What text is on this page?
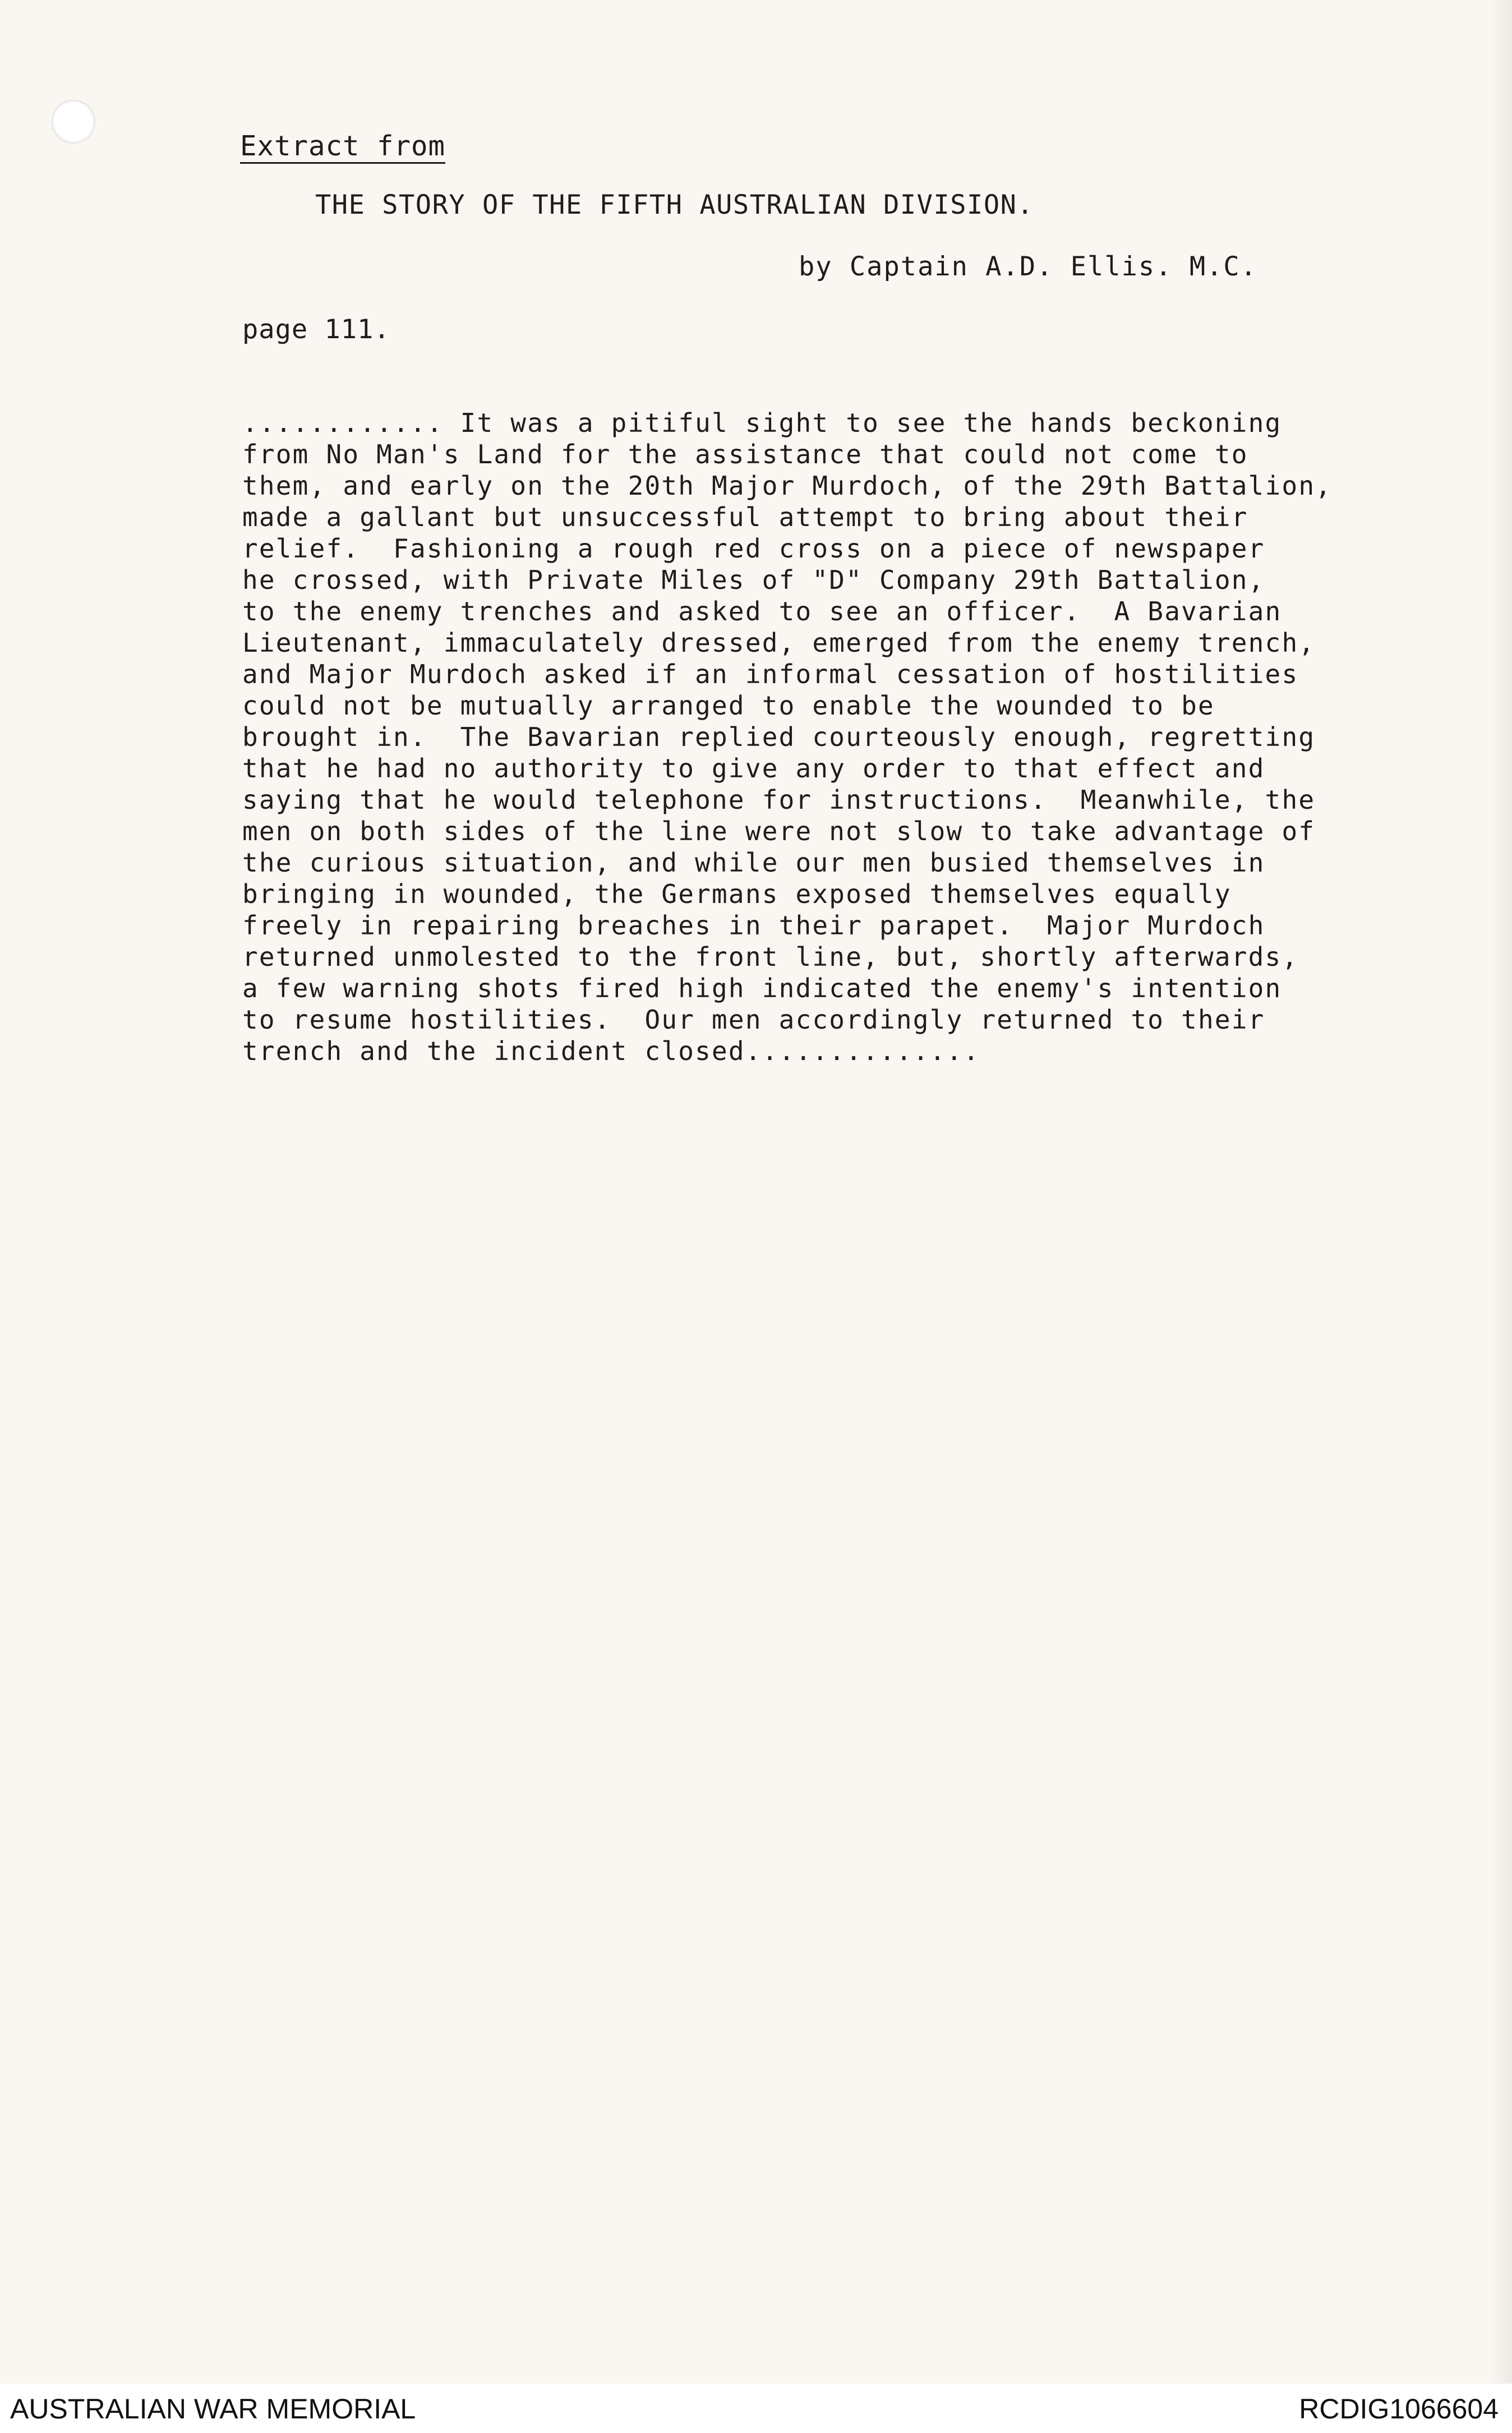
Extract from

THE STORY OF THE FIFTH AUSTRALIAN DIVISION.

by Captain A.D. Ellis. M.C.

page 111.

............ It was a pitiful sight to see the hands beckoning

from No Man's Land for the assistance that could not come to

them, and early on the 20th Major Murdoch, of the 29th Battalion,

made a gallant but unsuccessful attempt to bring about their

relief.  Fashioning a rough red cross on a piece of newspaper

he crossed, with Private Miles of "D" Company 29th Battalion,

to the enemy trenches and asked to see an officer.  A Bavarian

Lieutenant, immaculately dressed, emerged from the enemy trench,

and Major Murdoch asked if an informal cessation of hostilities

could not be mutually arranged to enable the wounded to be

brought in.  The Bavarian replied courteously enough, regretting

that he had no authority to give any order to that effect and

saying that he would telephone for instructions.  Meanwhile, the

men on both sides of the line were not slow to take advantage of

the curious situation, and while our men busied themselves in

bringing in wounded, the Germans exposed themselves equally

freely in repairing breaches in their parapet.  Major Murdoch

returned unmolested to the front line, but, shortly afterwards,

a few warning shots fired high indicated the enemy's intention

to resume hostilities.  Our men accordingly returned to their

trench and the incident closed..............

AUSTRALIAN WAR MEMORIAL	RCDIG1066604
